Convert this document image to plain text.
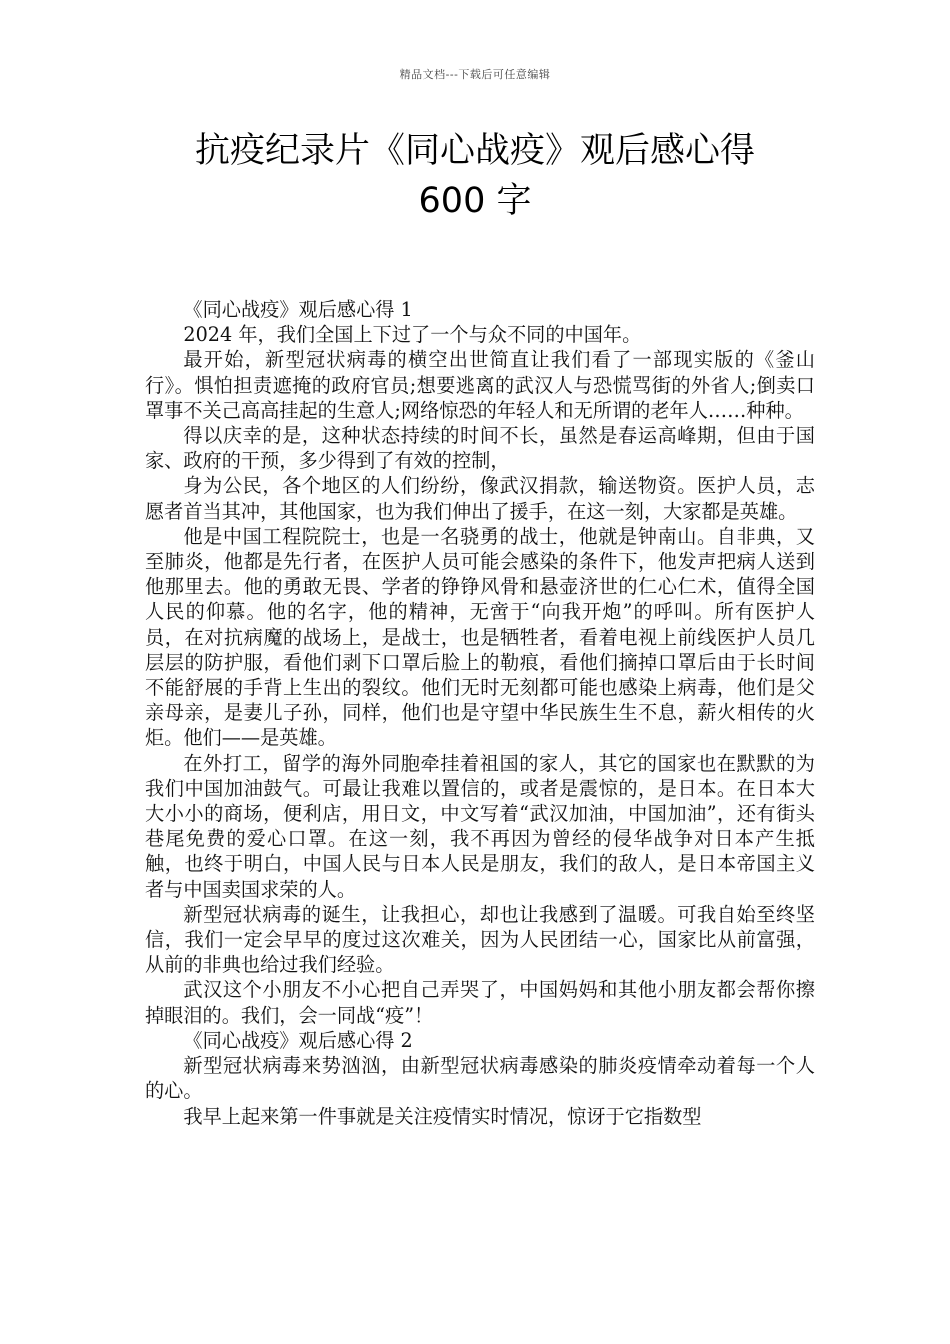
精品文档---下载后可任意编辑
抗疫纪录片《同心战疫》观后感心得
600 字

《同心战疫》观后感心得 1

2024 年，我们全国上下过了一个与众不同的中国年。

最开始，新型冠状病毒的横空出世简直让我们看了一部现实版的《釜山行》。惧怕担责遮掩的政府官员;想要逃离的武汉人与恐慌骂街的外省人;倒卖口罩事不关己高高挂起的生意人;网络惊恐的年轻人和无所谓的老年人……种种。

得以庆幸的是，这种状态持续的时间不长，虽然是春运高峰期，但由于国家、政府的干预，多少得到了有效的控制，

身为公民，各个地区的人们纷纷，像武汉捐款，输送物资。医护人员，志愿者首当其冲，其他国家，也为我们伸出了援手，在这一刻，大家都是英雄。

他是中国工程院院士，也是一名骁勇的战士，他就是钟南山。自非典，又至肺炎，他都是先行者，在医护人员可能会感染的条件下，他发声把病人送到他那里去。他的勇敢无畏、学者的铮铮风骨和悬壶济世的仁心仁术，值得全国人民的仰慕。他的名字，他的精神，无啻于“向我开炮”的呼叫。所有医护人员，在对抗病魔的战场上，是战士，也是牺牲者，看着电视上前线医护人员几层层的防护服，看他们剥下口罩后脸上的勒痕，看他们摘掉口罩后由于长时间不能舒展的手背上生出的裂纹。他们无时无刻都可能也感染上病毒，他们是父亲母亲，是妻儿子孙，同样，他们也是守望中华民族生生不息，薪火相传的火炬。他们——是英雄。

在外打工，留学的海外同胞牵挂着祖国的家人，其它的国家也在默默的为我们中国加油鼓气。可最让我难以置信的，或者是震惊的，是日本。在日本大大小小的商场，便利店，用日文，中文写着“武汉加油，中国加油”，还有街头巷尾免费的爱心口罩。在这一刻，我不再因为曾经的侵华战争对日本产生抵触，也终于明白，中国人民与日本人民是朋友，我们的敌人，是日本帝国主义者与中国卖国求荣的人。

新型冠状病毒的诞生，让我担心，却也让我感到了温暖。可我自始至终坚信，我们一定会早早的度过这次难关，因为人民团结一心，国家比从前富强，从前的非典也给过我们经验。

武汉这个小朋友不小心把自己弄哭了，中国妈妈和其他小朋友都会帮你擦掉眼泪的。我们，会一同战“疫”！

《同心战疫》观后感心得 2

新型冠状病毒来势汹汹，由新型冠状病毒感染的肺炎疫情牵动着每一个人的心。

我早上起来第一件事就是关注疫情实时情况，惊讶于它指数型
